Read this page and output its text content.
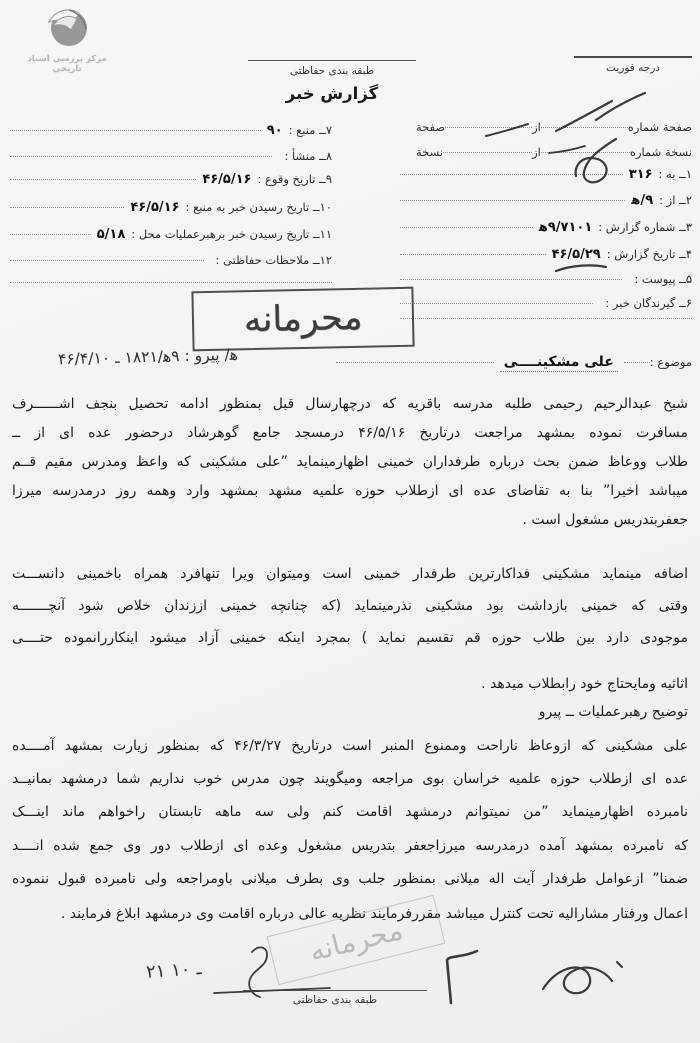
مرکز بررسی اسناد تاریخی	درجه فوریت
طبقه بندی حفاظتی
گزارش خبر
صفحة شماره
از
صفحة
نسخة شماره
از
نسخة
۱
ــ به :
۳۱۶
۲
ــ از :
۹/ﻫ
۳
ــ شماره گزارش :
۹/۷۱۰۱ﻫ
۴
ــ تاریخ گزارش :
۴۶/۵/۲۹
۵
ــ پیوست :
۶
ــ گیرندگان خبر :
۷
ــ منبع :
۹۰
۸
ــ منشأ :
۹
ــ تاریخ وقوع :
۴۶/۵/۱۶
۱۰
ــ تاریخ رسیدن خبر به منبع :
۴۶/۵/۱۶
۱۱
ــ تاریخ رسیدن خبر برهبرعملیات محل :
۵/۱۸
۱۲
ــ ملاحظات حفاظتی :
محرمانه
موضوع :
علی مشکینــــی
ﻫ/ پیرو : ۹ﻫ/۱۸۲۱ ـ ۴۶/۴/۱۰
شیخ عبدالرحیم رحیمی طلبه مدرسه باقریه که درچهارسال قبل بمنظور ادامه تحصیل بنجف اشــــــرف
مسافرت نموده بمشهد مراجعت درتاریخ ۴۶/۵/۱۶ درمسجد جامع گوهرشاد درحضور عده ای از ــ
طلاب ووعاظ ضمن بحث درباره طرفداران خمینی اظهارمینماید ”علی مشکینی که واعظ ومدرس مقیم قــم
میباشد اخیرا” بنا به تقاضای عده ای ازطلاب حوزه علمیه مشهد بمشهد وارد وهمه روز درمدرسه میرزا
جعفربتدریس مشغول است .
اضافه مینماید مشکینی فداکارترین طرفدار خمینی است ومیتوان ویرا تنهافرد همراه باخمینی دانســـت
وقتی که خمینی بازداشت بود مشکینی نذرمینماید (که چنانچه خمینی اززندان خلاص شود آنچـــــــه
موجودی دارد بین طلاب حوزه قم تقسیم نماید ) بمجرد اینکه خمینی آزاد میشود اینکاررانموده حتــــی
اثاثیه ومایحتاج خود رابطلاب میدهد .
توضیح رهبرعملیات ــ پیرو
علی مشکینی که ازوعاظ ناراحت وممنوع المنبر است درتاریخ ۴۶/۳/۲۷ که بمنظور زیارت بمشهد آمــــده
عده ای ازطلاب حوزه علمیه خراسان بوی مراجعه ومیگویند چون مدرس خوب نداریم شما درمشهد بمانیــد
نامبرده اظهارمینماید ”من نمیتوانم درمشهد اقامت کنم ولی سه ماهه تابستان راخواهم ماند اینـــک
که نامبرده بمشهد آمده درمدرسه میرزاجعفر بتدریس مشغول وعده ای ازطلاب دور وی جمع شده انــــد
ضمنا” ازعوامل طرفدار آیت اله میلانی بمنظور جلب وی بطرف میلانی باومراجعه ولی نامبرده قبول ننموده
اعمال ورفتار مشارالیه تحت کنترل میباشد مقررفرمایند نظریه عالی درباره اقامت وی درمشهد ابلاغ فرمایند .
محرمانه
۲۱ ـ ۱۰
طبقه بندی حفاظتی
